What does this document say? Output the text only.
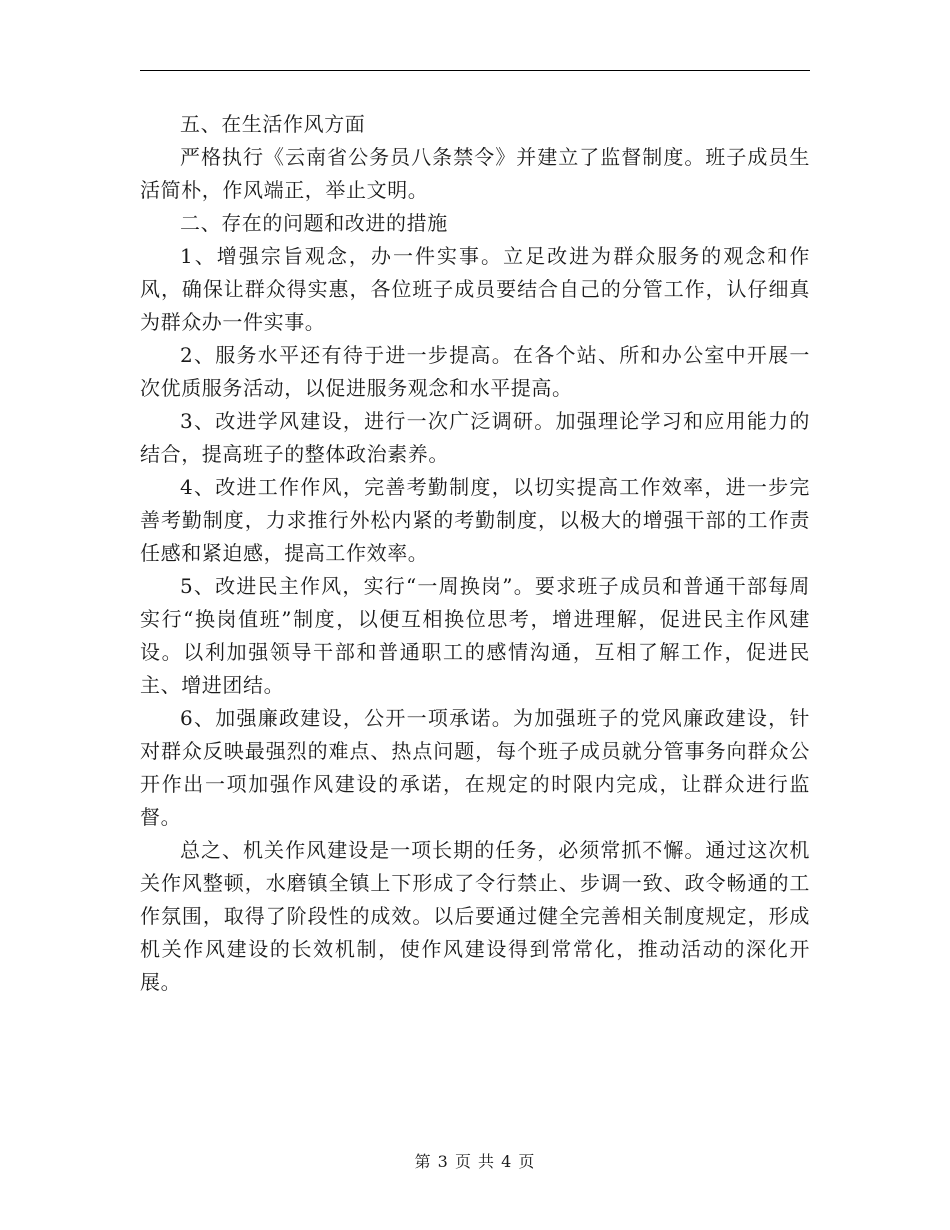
五、在生活作风方面

严格执行《云南省公务员八条禁令》并建立了监督制度。班子成员生活简朴，作风端正，举止文明。

二、存在的问题和改进的措施

1、增强宗旨观念，办一件实事。立足改进为群众服务的观念和作风，确保让群众得实惠，各位班子成员要结合自己的分管工作，认仔细真为群众办一件实事。

2、服务水平还有待于进一步提高。在各个站、所和办公室中开展一次优质服务活动，以促进服务观念和水平提高。

3、改进学风建设，进行一次广泛调研。加强理论学习和应用能力的结合，提高班子的整体政治素养。

4、改进工作作风，完善考勤制度，以切实提高工作效率，进一步完善考勤制度，力求推行外松内紧的考勤制度，以极大的增强干部的工作责任感和紧迫感，提高工作效率。

5、改进民主作风，实行“一周换岗”。要求班子成员和普通干部每周实行“换岗值班”制度，以便互相换位思考，增进理解，促进民主作风建设。以利加强领导干部和普通职工的感情沟通，互相了解工作，促进民主、增进团结。

6、加强廉政建设，公开一项承诺。为加强班子的党风廉政建设，针对群众反映最强烈的难点、热点问题，每个班子成员就分管事务向群众公开作出一项加强作风建设的承诺，在规定的时限内完成，让群众进行监督。

总之、机关作风建设是一项长期的任务，必须常抓不懈。通过这次机关作风整顿，水磨镇全镇上下形成了令行禁止、步调一致、政令畅通的工作氛围，取得了阶段性的成效。以后要通过健全完善相关制度规定，形成机关作风建设的长效机制，使作风建设得到常常化，推动活动的深化开展。

第 3 页 共 4 页
